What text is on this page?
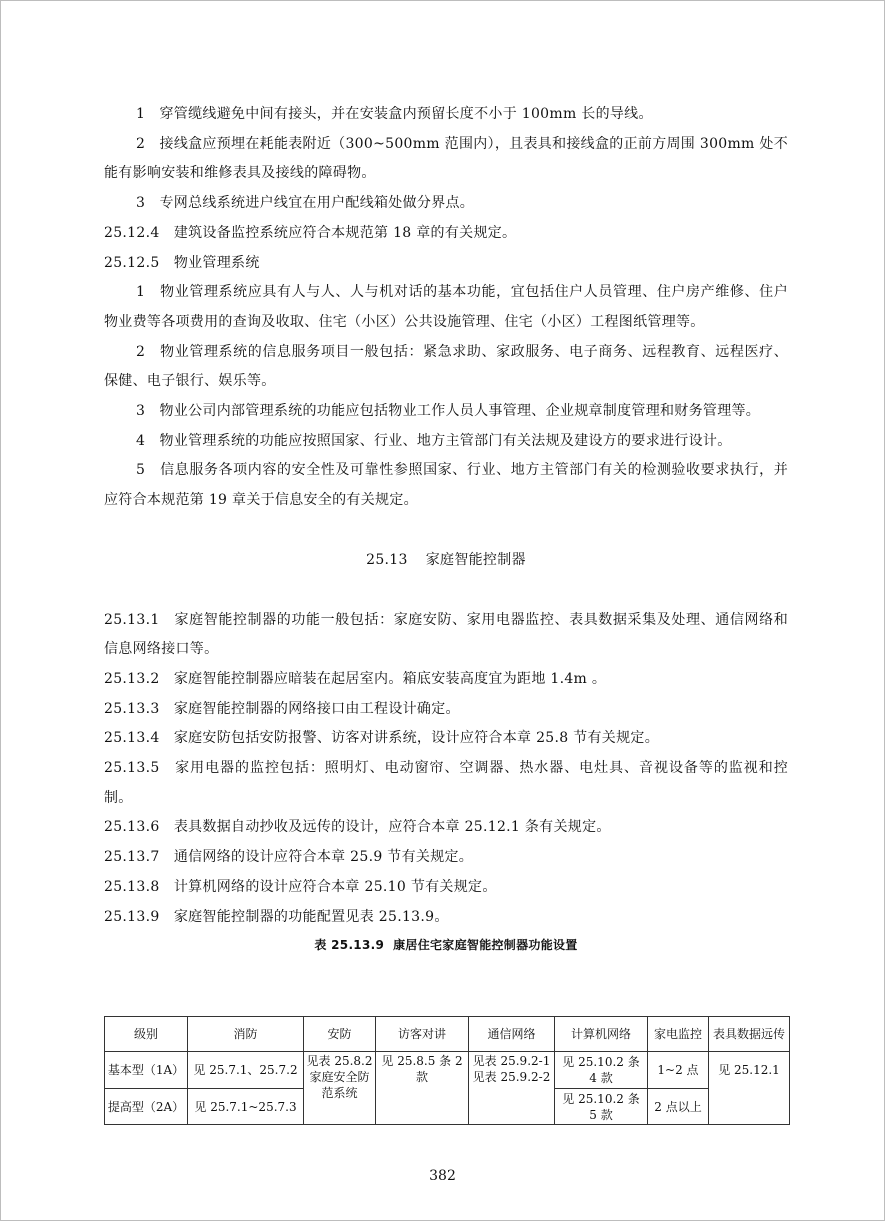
1　穿管缆线避免中间有接头，并在安装盒内预留长度不小于 100mm 长的导线。

2　接线盒应预埋在耗能表附近（300~500mm 范围内），且表具和接线盒的正前方周围 300mm 处不能有影响安装和维修表具及接线的障碍物。

3　专网总线系统进户线宜在用户配线箱处做分界点。

25.12.4　建筑设备监控系统应符合本规范第 18 章的有关规定。

25.12.5　物业管理系统

1　物业管理系统应具有人与人、人与机对话的基本功能，宜包括住户人员管理、住户房产维修、住户物业费等各项费用的查询及收取、住宅（小区）公共设施管理、住宅（小区）工程图纸管理等。

2　物业管理系统的信息服务项目一般包括：紧急求助、家政服务、电子商务、远程教育、远程医疗、保健、电子银行、娱乐等。

3　物业公司内部管理系统的功能应包括物业工作人员人事管理、企业规章制度管理和财务管理等。

4　物业管理系统的功能应按照国家、行业、地方主管部门有关法规及建设方的要求进行设计。

5　信息服务各项内容的安全性及可靠性参照国家、行业、地方主管部门有关的检测验收要求执行，并应符合本规范第 19 章关于信息安全的有关规定。

25.13 家庭智能控制器

25.13.1　家庭智能控制器的功能一般包括：家庭安防、家用电器监控、表具数据采集及处理、通信网络和信息网络接口等。

25.13.2　家庭智能控制器应暗装在起居室内。箱底安装高度宜为距地 1.4m 。

25.13.3　家庭智能控制器的网络接口由工程设计确定。

25.13.4　家庭安防包括安防报警、访客对讲系统，设计应符合本章 25.8 节有关规定。

25.13.5　家用电器的监控包括：照明灯、电动窗帘、空调器、热水器、电灶具、音视设备等的监视和控制。

25.13.6　表具数据自动抄收及远传的设计，应符合本章 25.12.1 条有关规定。

25.13.7　通信网络的设计应符合本章 25.9 节有关规定。

25.13.8　计算机网络的设计应符合本章 25.10 节有关规定。

25.13.9　家庭智能控制器的功能配置见表 25.13.9。

表 25.13.9 康居住宅家庭智能控制器功能设置
级别	消防	安防	访客对讲	通信网络	计算机网络	家电监控	表具数据远传
基本型（1A）	见 25.7.1、25.7.2	见表 25.8.2 家庭安全防范系统	见 25.8.5 条 2 款	见表 25.9.2-1 见表 25.9.2-2	见 25.10.2 条 4 款	1~2 点	见 25.12.1
提高型（2A）	见 25.7.1~25.7.3				见 25.10.2 条 5 款	2 点以上	
382
